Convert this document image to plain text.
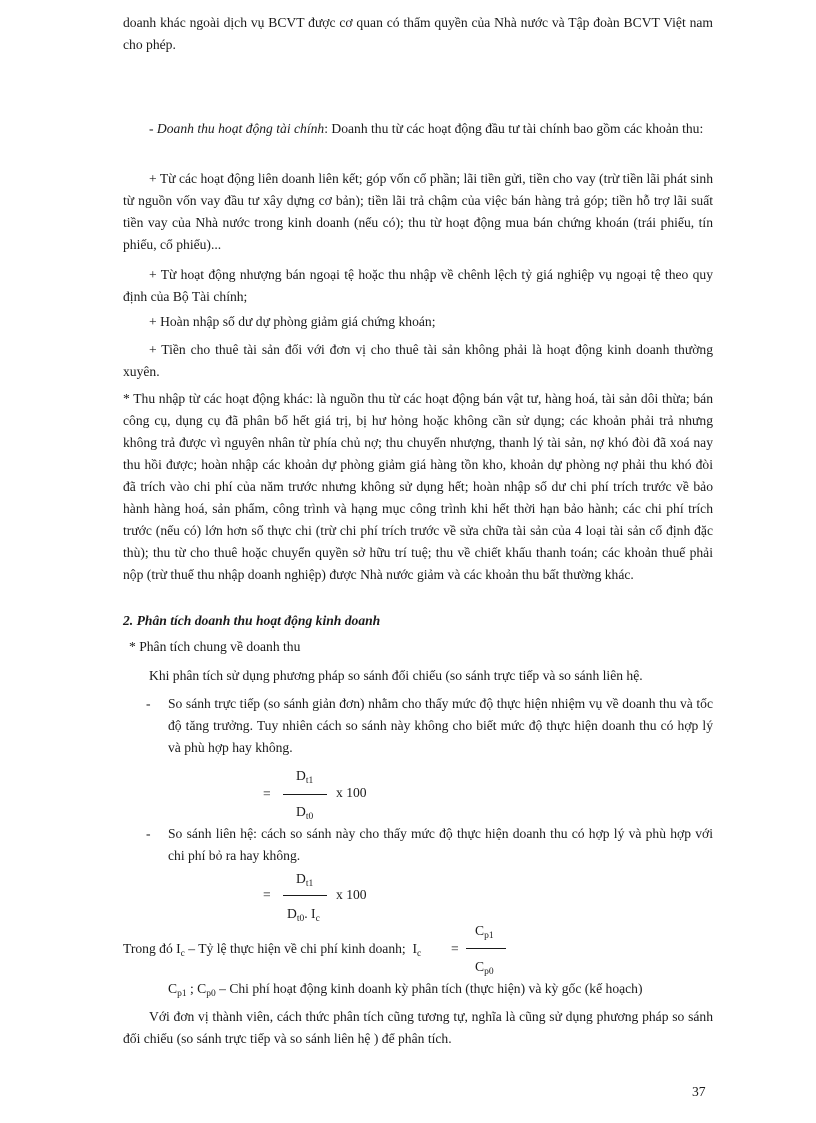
doanh khác ngoài dịch vụ BCVT được cơ quan có thẩm quyền của Nhà nước và Tập đoàn BCVT Việt nam cho phép.

- Doanh thu hoạt động tài chính: Doanh thu từ các hoạt động đầu tư tài chính bao gồm các khoản thu:

+ Từ các hoạt động liên doanh liên kết; góp vốn cổ phần; lãi tiền gửi, tiền cho vay (trừ tiền lãi phát sinh từ nguồn vốn vay đầu tư xây dựng cơ bản); tiền lãi trả chậm của việc bán hàng trả góp; tiền hỗ trợ lãi suất tiền vay của Nhà nước trong kinh doanh (nếu có); thu từ hoạt động mua bán chứng khoán (trái phiếu, tín phiếu, cổ phiếu)...

+ Từ hoạt động nhượng bán ngoại tệ hoặc thu nhập về chênh lệch tỷ giá nghiệp vụ ngoại tệ theo quy định của Bộ Tài chính;

+ Hoàn nhập số dư dự phòng giảm giá chứng khoán;

+ Tiền cho thuê tài sản đối với đơn vị cho thuê tài sản không phải là hoạt động kinh doanh thường xuyên.

* Thu nhập từ các hoạt động khác: là nguồn thu từ các hoạt động bán vật tư, hàng hoá, tài sản dôi thừa; bán công cụ, dụng cụ đã phân bổ hết giá trị, bị hư hỏng hoặc không cần sử dụng; các khoản phải trả nhưng không trả được vì nguyên nhân từ phía chủ nợ; thu chuyển nhượng, thanh lý tài sản, nợ khó đòi đã xoá nay thu hồi được; hoàn nhập các khoản dự phòng giảm giá hàng tồn kho, khoản dự phòng nợ phải thu khó đòi đã trích vào chi phí của năm trước nhưng không sử dụng hết; hoàn nhập số dư chi phí trích trước về bảo hành hàng hoá, sản phẩm, công trình và hạng mục công trình khi hết thời hạn bảo hành; các chi phí trích trước (nếu có) lớn hơn số thực chi (trừ chi phí trích trước về sửa chữa tài sản của 4 loại tài sản cố định đặc thù); thu từ cho thuê hoặc chuyển quyền sở hữu trí tuệ; thu về chiết khấu thanh toán; các khoản thuế phải nộp (trừ thuế thu nhập doanh nghiệp) được Nhà nước giảm và các khoản thu bất thường khác.

2. Phân tích doanh thu hoạt động kinh doanh
* Phân tích chung về doanh thu

Khi phân tích sử dụng phương pháp so sánh đối chiếu (so sánh trực tiếp và so sánh liên hệ.

- So sánh trực tiếp (so sánh giản đơn) nhằm cho thấy mức độ thực hiện nhiệm vụ về doanh thu và tốc độ tăng trưởng. Tuy nhiên cách so sánh này không cho biết mức độ thực hiện doanh thu có hợp lý và phù hợp hay không.

$D_{t1}$
=	x 100
$D_{t0}$
- So sánh liên hệ: cách so sánh này cho thấy mức độ thực hiện doanh thu có hợp lý và phù hợp với chi phí bỏ ra hay không.

$D_{t1}$
=	x 100
$D_{t0}$. $I_c$
Trong đó $I_c$ – Tỷ lệ thực hiện về chi phí kinh doanh; $I_c$ =
$C_{p1}$
$C_{p0}$
$C_{p1}$ ; $C_{p0}$ – Chi phí hoạt động kinh doanh kỳ phân tích (thực hiện) và kỳ gốc (kế hoạch)

Với đơn vị thành viên, cách thức phân tích cũng tương tự, nghĩa là cũng sử dụng phương pháp so sánh đối chiếu (so sánh trực tiếp và so sánh liên hệ ) để phân tích.

37
